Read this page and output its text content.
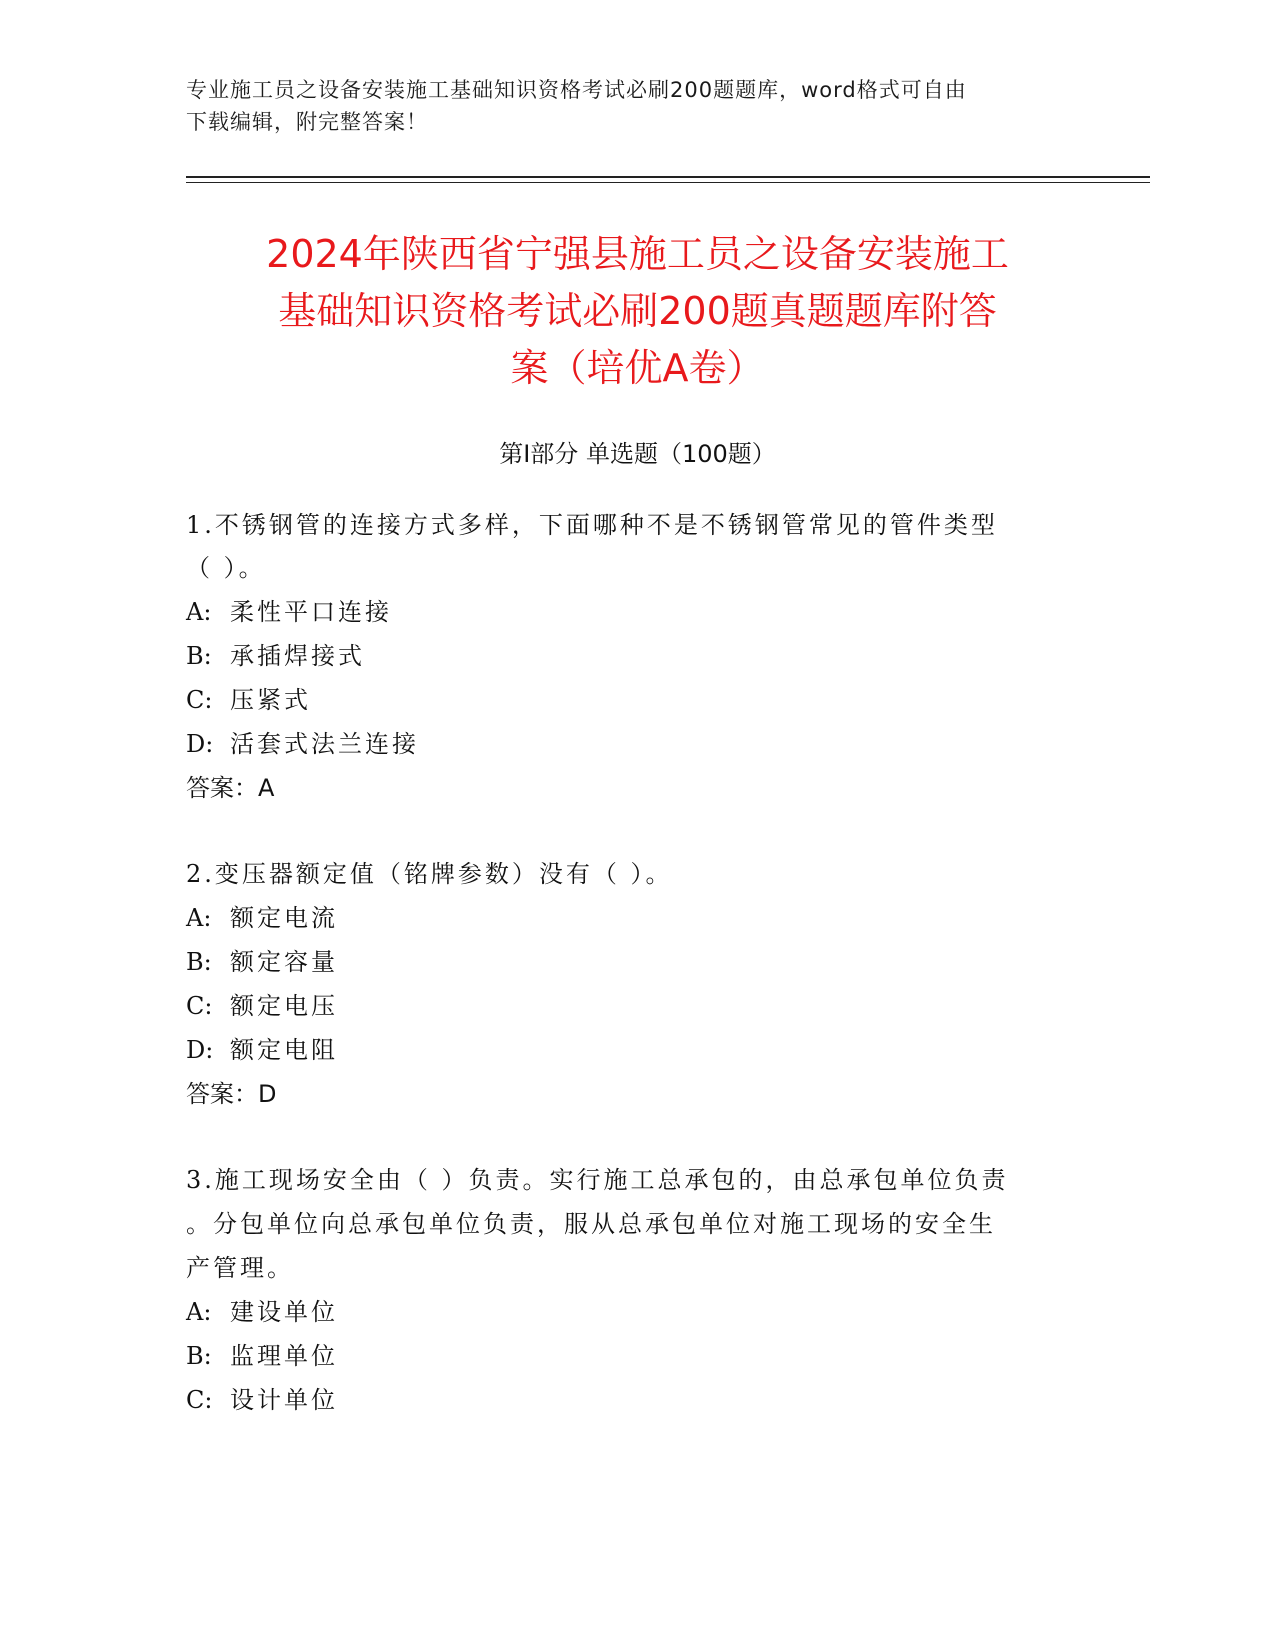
专业施工员之设备安装施工基础知识资格考试必刷200题题库，word格式可自由
下载编辑，附完整答案！
2024年陕西省宁强县施工员之设备安装施工
基础知识资格考试必刷200题真题题库附答
案（培优A卷）
第I部分 单选题（100题）
1.不锈钢管的连接方式多样，下面哪种不是不锈钢管常见的管件类型
（ ）。
A: 柔性平口连接
B: 承插焊接式
C: 压紧式
D: 活套式法兰连接
答案：A
2.变压器额定值（铭牌参数）没有（ ）。
A: 额定电流
B: 额定容量
C: 额定电压
D: 额定电阻
答案：D
3.施工现场安全由（ ）负责。实行施工总承包的，由总承包单位负责
。分包单位向总承包单位负责，服从总承包单位对施工现场的安全生
产管理。
A: 建设单位
B: 监理单位
C: 设计单位
